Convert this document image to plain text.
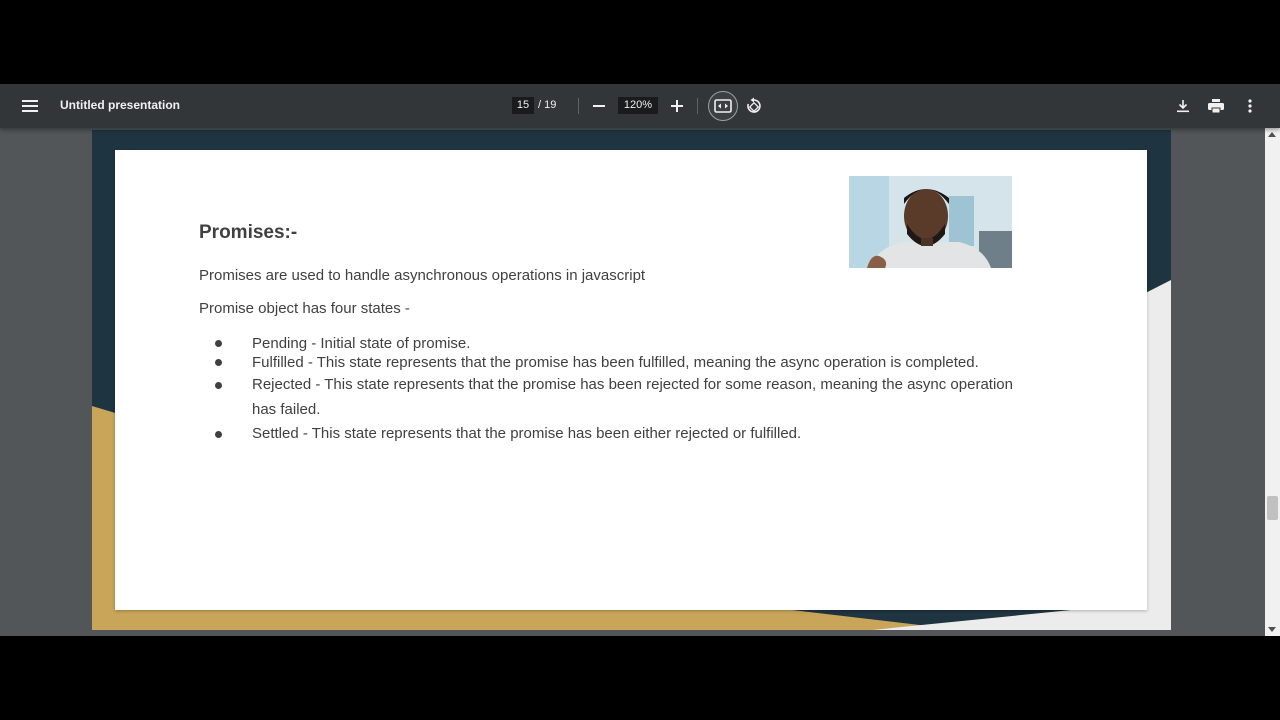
Untitled presentation	15 / 19	120%
Promises:-
Promises are used to handle asynchronous operations in javascript
Promise object has four states -
Pending - Initial state of promise.
Fulfilled - This state represents that the promise has been fulfilled, meaning the async operation is completed.
Rejected - This state represents that the promise has been rejected for some reason, meaning the async operation has failed.
Settled - This state represents that the promise has been either rejected or fulfilled.
